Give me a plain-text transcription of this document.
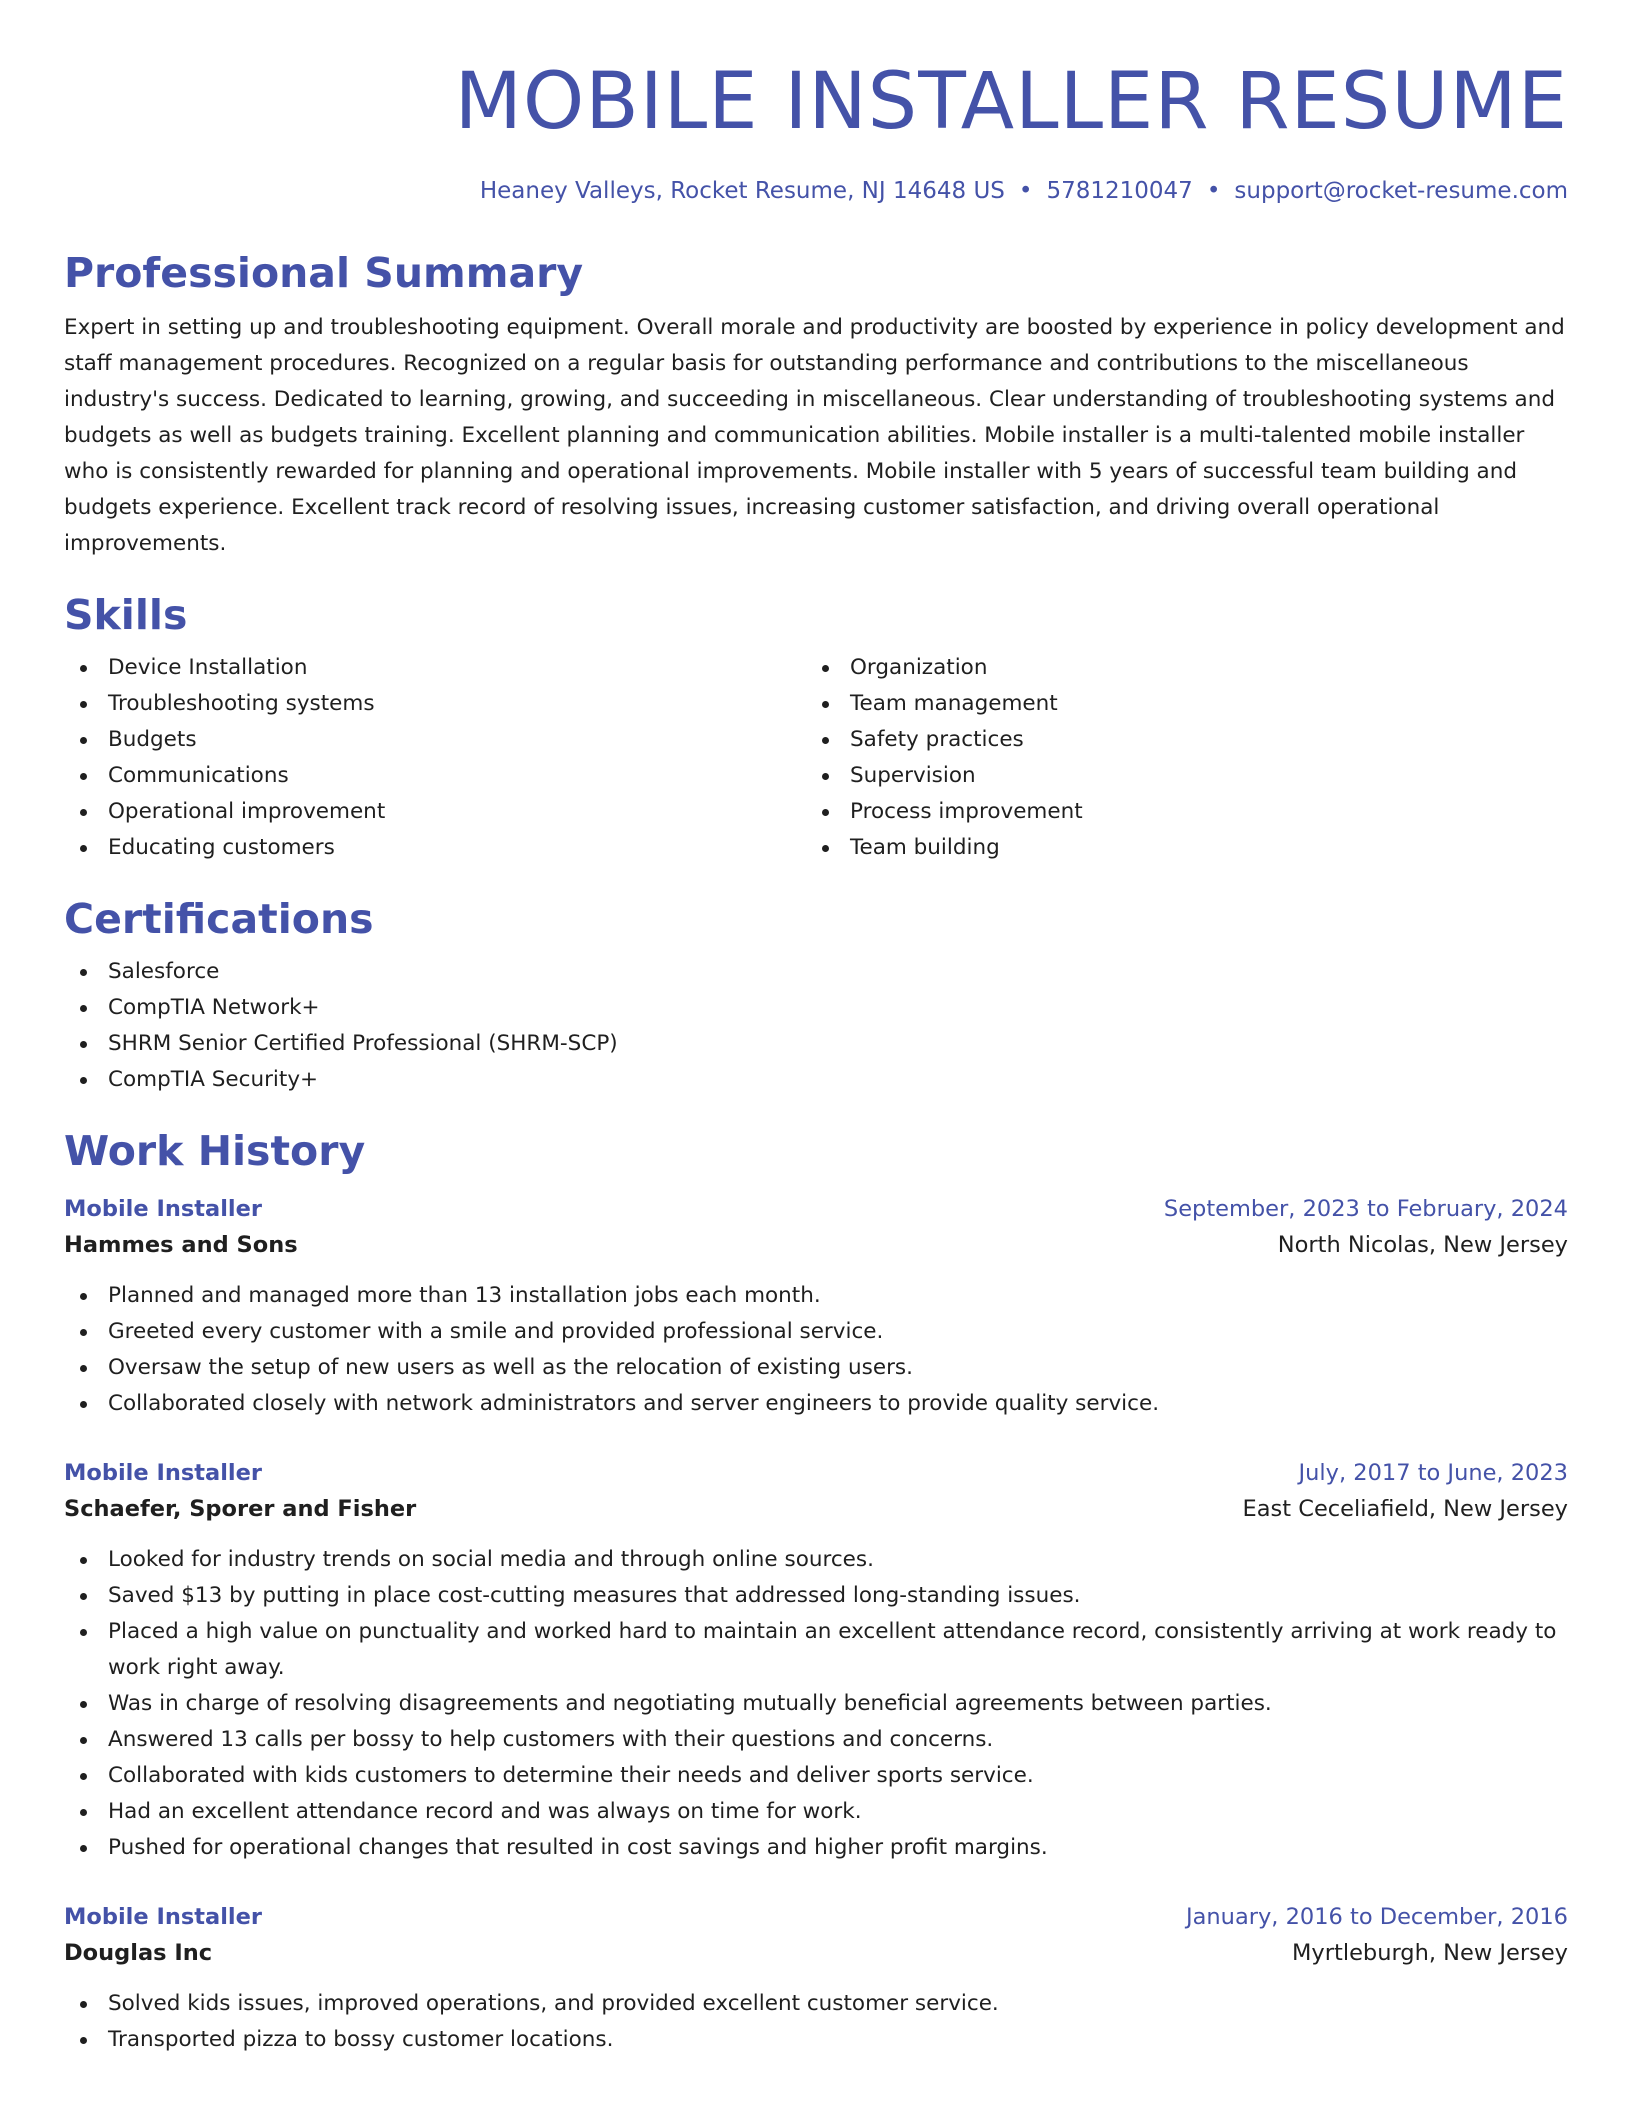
MOBILE INSTALLER RESUME
Heaney Valleys, Rocket Resume, NJ 14648 US • 5781210047 • support@rocket-resume.com
Professional Summary
Expert in setting up and troubleshooting equipment. Overall morale and productivity are boosted by experience in policy development and staff management procedures. Recognized on a regular basis for outstanding performance and contributions to the miscellaneous industry's success. Dedicated to learning, growing, and succeeding in miscellaneous. Clear understanding of troubleshooting systems and budgets as well as budgets training. Excellent planning and communication abilities. Mobile installer is a multi-talented mobile installer who is consistently rewarded for planning and operational improvements. Mobile installer with 5 years of successful team building and budgets experience. Excellent track record of resolving issues, increasing customer satisfaction, and driving overall operational improvements.
Skills
Device Installation
Troubleshooting systems
Budgets
Communications
Operational improvement
Educating customers
Organization
Team management
Safety practices
Supervision
Process improvement
Team building
Certifications
Salesforce
CompTIA Network+
SHRM Senior Certified Professional (SHRM-SCP)
CompTIA Security+
Work History
Mobile Installer	September, 2023 to February, 2024
Hammes and Sons	North Nicolas, New Jersey
Planned and managed more than 13 installation jobs each month.
Greeted every customer with a smile and provided professional service.
Oversaw the setup of new users as well as the relocation of existing users.
Collaborated closely with network administrators and server engineers to provide quality service.
Mobile Installer	July, 2017 to June, 2023
Schaefer, Sporer and Fisher	East Ceceliafield, New Jersey
Looked for industry trends on social media and through online sources.
Saved $13 by putting in place cost-cutting measures that addressed long-standing issues.
Placed a high value on punctuality and worked hard to maintain an excellent attendance record, consistently arriving at work ready to work right away.
Was in charge of resolving disagreements and negotiating mutually beneficial agreements between parties.
Answered 13 calls per bossy to help customers with their questions and concerns.
Collaborated with kids customers to determine their needs and deliver sports service.
Had an excellent attendance record and was always on time for work.
Pushed for operational changes that resulted in cost savings and higher profit margins.
Mobile Installer	January, 2016 to December, 2016
Douglas Inc	Myrtleburgh, New Jersey
Solved kids issues, improved operations, and provided excellent customer service.
Transported pizza to bossy customer locations.
